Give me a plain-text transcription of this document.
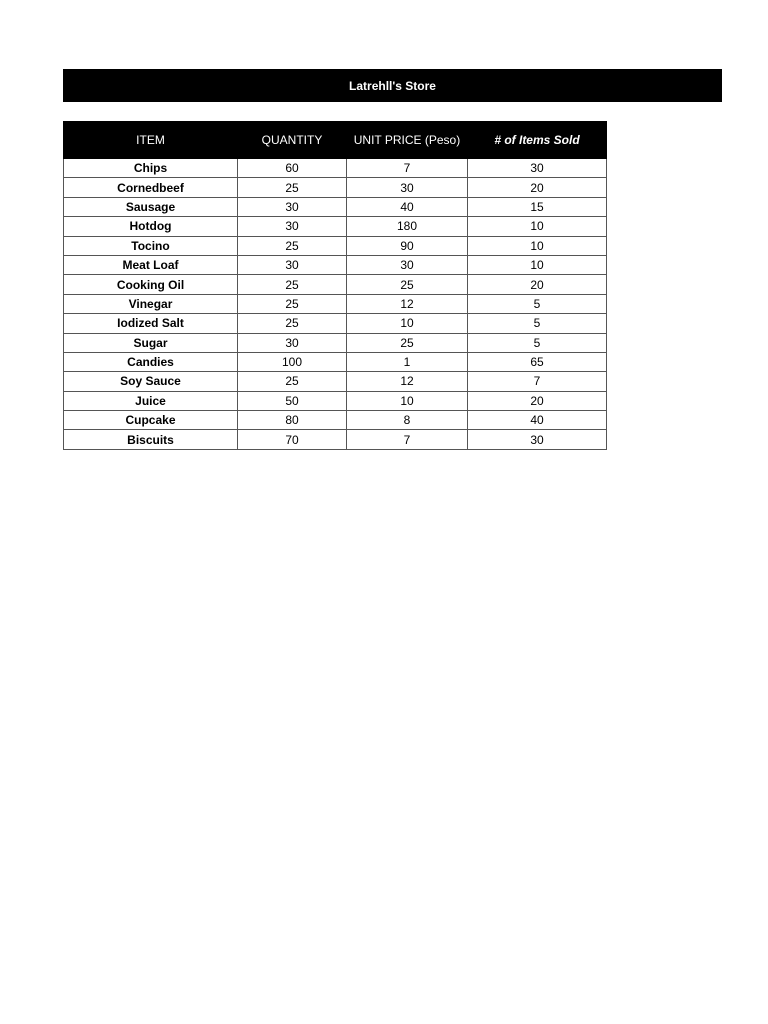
Latrehll's Store
ITEM	QUANTITY	UNIT PRICE (Peso)	# of Items Sold
Chips	60	7	30
Cornedbeef	25	30	20
Sausage	30	40	15
Hotdog	30	180	10
Tocino	25	90	10
Meat Loaf	30	30	10
Cooking Oil	25	25	20
Vinegar	25	12	5
Iodized Salt	25	10	5
Sugar	30	25	5
Candies	100	1	65
Soy Sauce	25	12	7
Juice	50	10	20
Cupcake	80	8	40
Biscuits	70	7	30
